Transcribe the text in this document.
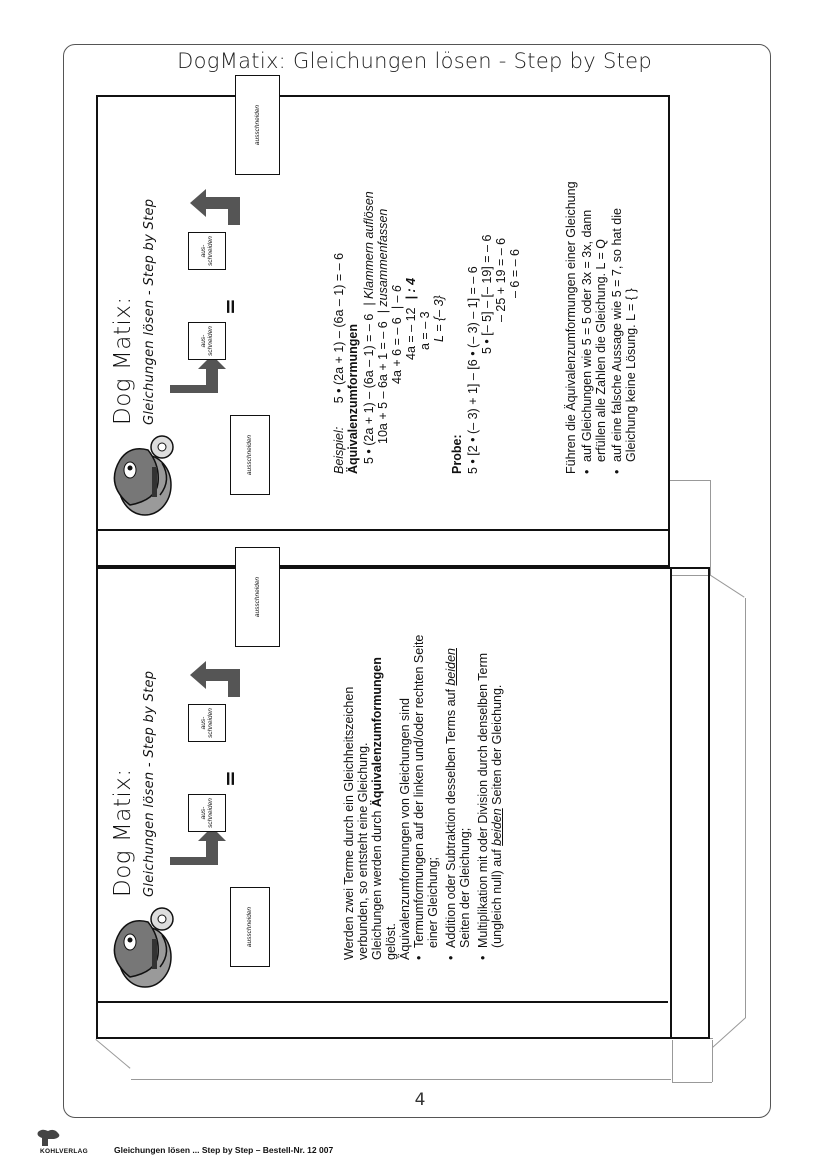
DogMatix: Gleichungen lösen - Step by Step
Dog Matix: Gleichungen lösen - Step by Step
ausschneiden
aus-
schneiden
=
aus-
schneiden
ausschneiden
Beispiel: 5 • (2a + 1) – (6a – 1) = – 6 Äquivalenzumformungen 5 • (2a + 1) – (6a – 1) = – 6| Klammern auflösen
10a + 5 – 6a + 1 = – 6| zusammenfassen
4a + 6 = – 6| – 6
4a = – 12| : 4
a = – 3 L = {– 3}
Probe: 5 • [2 • (– 3) + 1] – [6 • (– 3) – 1] = – 6 5 • [– 5] – [– 19] = – 6 – 25 + 19 = – 6 – 6 = – 6	Führen die Äquivalenzumformungen einer Gleichung • auf Gleichungen wie 5 = 5 oder 3x = 3x, dann erfüllen alle Zahlen die Gleichung. L = Q • auf eine falsche Aussage wie 5 = 7, so hat die Gleichung keine Lösung. L = { }
Dog Matix: Gleichungen lösen - Step by Step
ausschneiden
aus-
schneiden
=
aus-
schneiden
ausschneiden
Werden zwei Terme durch ein Gleichheitszeichen verbunden, so entsteht eine Gleichung. Gleichungen werden durch Äquivalenzumformungen gelöst. Äquivalenzumformungen von Gleichungen sind • Termumformungen auf der linken und/oder rechten Seite einer Gleichung; • Addition oder Subtraktion desselben Terms auf beiden Seiten der Gleichung; • Multiplikation mit oder Division durch denselben Term (ungleich null) auf beiden Seiten der Gleichung.
4
KOHLVERLAG	Gleichungen lösen ... Step by Step – Bestell-Nr. 12 007
